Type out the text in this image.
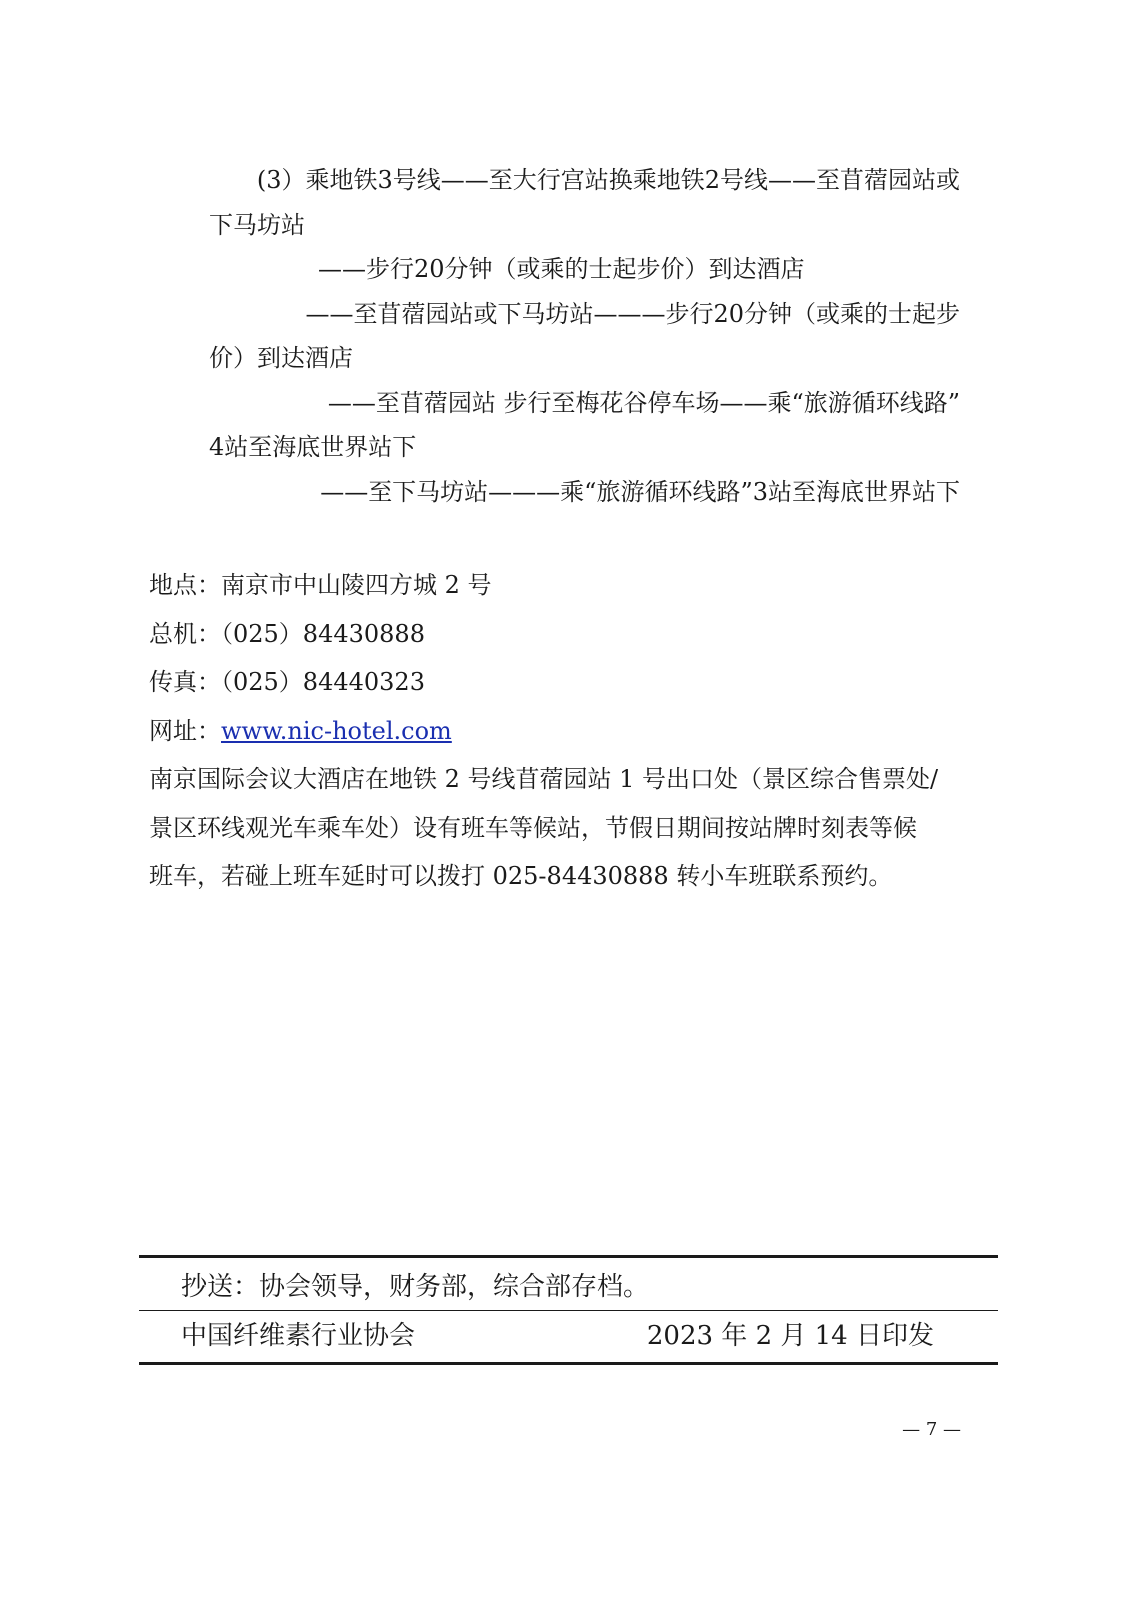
(3）乘地铁3号线——至大行宫站换乘地铁2号线——至苜蓿园站或
下马坊站
——步行20分钟（或乘的士起步价）到达酒店
——至苜蓿园站或下马坊站———步行20分钟（或乘的士起步
价）到达酒店
——至苜蓿园站 步行至梅花谷停车场——乘“旅游循环线路”
4站至海底世界站下
——至下马坊站———乘“旅游循环线路”3站至海底世界站下
地点：南京市中山陵四方城 2 号
总机：（025）84430888
传真：（025）84440323
网址：www.nic-hotel.com
南京国际会议大酒店在地铁 2 号线苜蓿园站 1 号出口处（景区综合售票处/
景区环线观光车乘车处）设有班车等候站，节假日期间按站牌时刻表等候
班车，若碰上班车延时可以拨打 025-84430888 转小车班联系预约。
抄送：协会领导，财务部，综合部存档。
中国纤维素行业协会	2023 年 2 月 14 日印发
— 7 —
